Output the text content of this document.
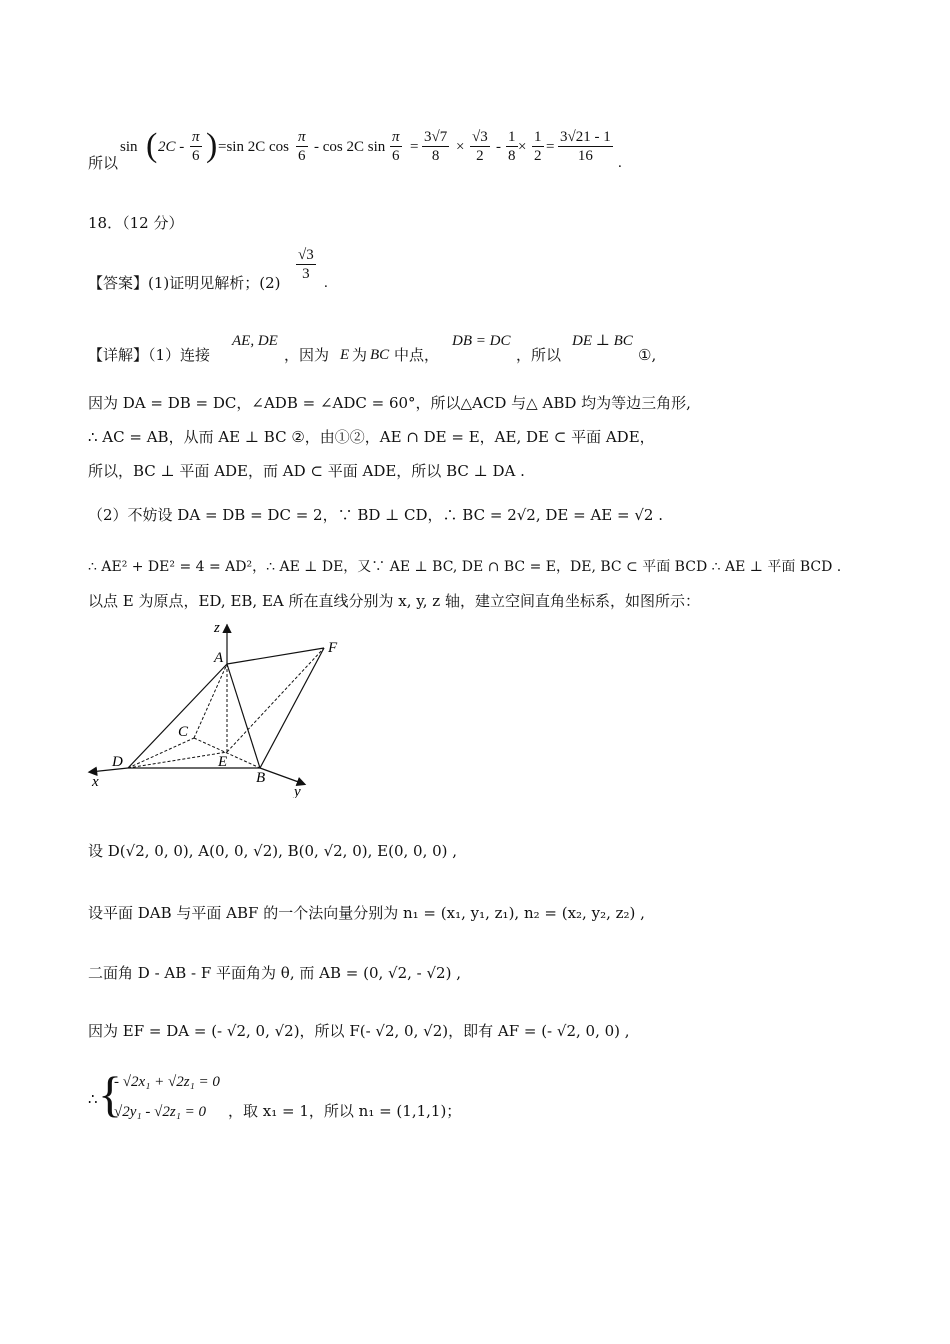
所以
sin ( $2C - \frac{\pi}{6}$ ) =sin 2C $\cos \frac{\pi}{6}$ - cos 2C $\sin \frac{\pi}{6} = \frac{3√7}{8} \times \frac{√3}{2} - \frac{1}{8} \times \frac{1}{2} = \frac{3√21 - 1}{16}$ .
18．（12 分）
【答案】(1)证明见解析；$(2) \frac{√3}{3}$ .
【详解】（1）连接
AE, DE
，因为 E 为 BC 中点，
DB = DC
，所以
DE ⊥ BC
①,
因为 DA = DB = DC，∠ADB = ∠ADC = 60°，所以△ACD 与△ ABD 均为等边三角形,
∴ AC = AB，从而 AE ⊥ BC ②，由①②，AE ∩ DE = E，AE, DE ⊂ 平面 ADE，
所以，BC ⊥ 平面 ADE，而 AD ⊂ 平面 ADE，所以 BC ⊥ DA .
（2）不妨设 DA = DB = DC = 2，∵ BD ⊥ CD，∴ BC = 2√2, DE = AE = √2 .
∴ AE² + DE² = 4 = AD²，∴ AE ⊥ DE，又∵ AE ⊥ BC, DE ∩ BC = E，DE, BC ⊂ 平面 BCD ∴ AE ⊥ 平面 BCD .
以点 E 为原点，ED, EB, EA 所在直线分别为 x, y, z 轴，建立空间直角坐标系，如图所示：
z
A
F
C
D	E
B
x
y
设 D(√2, 0, 0), A(0, 0, √2), B(0, √2, 0), E(0, 0, 0) ,
设平面 DAB 与平面 ABF 的一个法向量分别为 n₁ = (x₁, y₁, z₁), n₂ = (x₂, y₂, z₂) ,
二面角 D - AB - F 平面角为 θ, 而 AB = (0, √2, - √2) ,
因为 EF = DA = (- √2, 0, √2)，所以 F(- √2, 0, √2)，即有 AF = (- √2, 0, 0) ,
∴ {
- √2x₁ + √2z₁ = 0
√2y₁ - √2z₁ = 0 ，取 x₁ = 1，所以 n₁ = (1,1,1)；
